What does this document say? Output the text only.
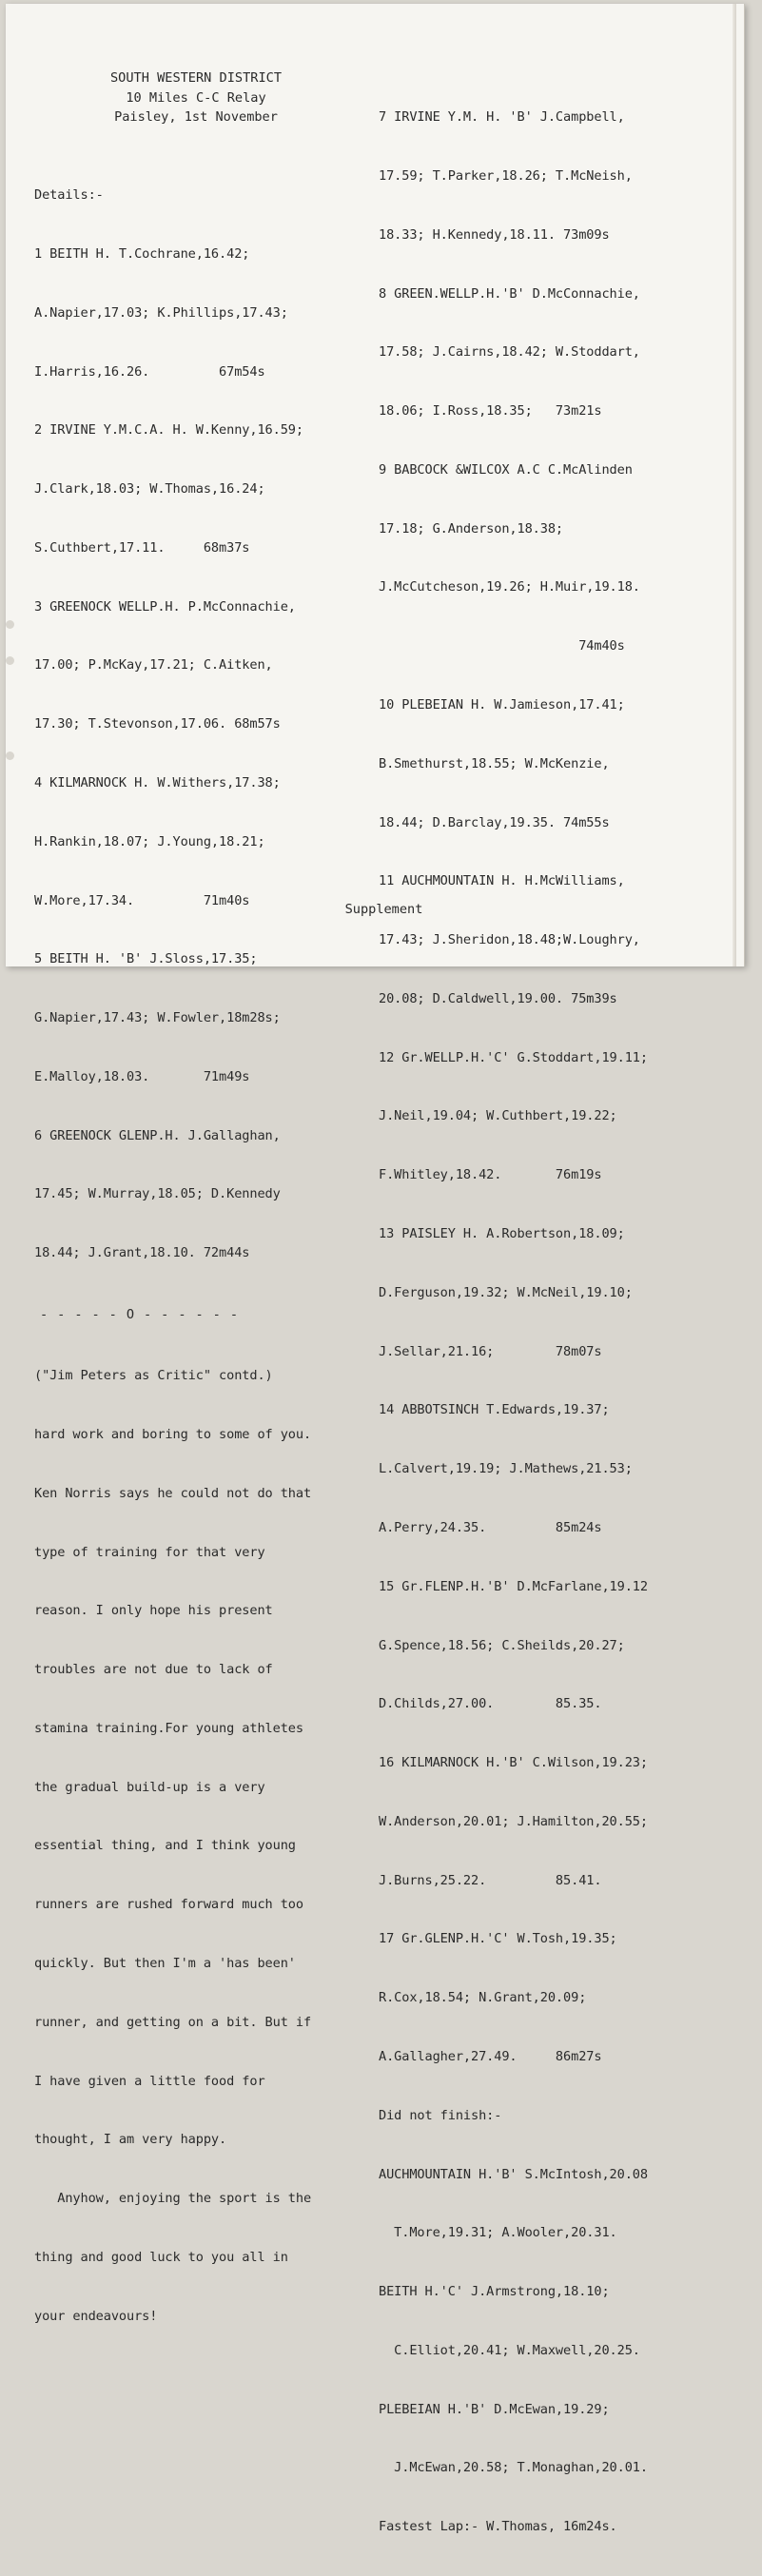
SOUTH WESTERN DISTRICT
10 Miles C-C Relay
Paisley, 1st November

Details:-

1 BEITH H. T.Cochrane,16.42;

A.Napier,17.03; K.Phillips,17.43;

I.Harris,16.26.         67m54s

2 IRVINE Y.M.C.A. H. W.Kenny,16.59;

J.Clark,18.03; W.Thomas,16.24;

S.Cuthbert,17.11.     68m37s

3 GREENOCK WELLP.H. P.McConnachie,

17.00; P.McKay,17.21; C.Aitken,

17.30; T.Stevonson,17.06. 68m57s

4 KILMARNOCK H. W.Withers,17.38;

H.Rankin,18.07; J.Young,18.21;

W.More,17.34.         71m40s

5 BEITH H. 'B' J.Sloss,17.35;

G.Napier,17.43; W.Fowler,18m28s;

E.Malloy,18.03.       71m49s

6 GREENOCK GLENP.H. J.Gallaghan,

17.45; W.Murray,18.05; D.Kennedy

18.44; J.Grant,18.10. 72m44s

- - - - - O - - - - - -

("Jim Peters as Critic" contd.)

hard work and boring to some of you.

Ken Norris says he could not do that

type of training for that very

reason. I only hope his present

troubles are not due to lack of

stamina training.For young athletes

the gradual build-up is a very

essential thing, and I think young

runners are rushed forward much too

quickly. But then I'm a 'has been'

runner, and getting on a bit. But if

I have given a little food for

thought, I am very happy.

Anyhow, enjoying the sport is the

thing and good luck to you all in

your endeavours!

7 IRVINE Y.M. H. 'B' J.Campbell,

17.59; T.Parker,18.26; T.McNeish,

18.33; H.Kennedy,18.11. 73m09s

8 GREEN.WELLP.H.'B' D.McConnachie,

17.58; J.Cairns,18.42; W.Stoddart,

18.06; I.Ross,18.35;   73m21s

9 BABCOCK &WILCOX A.C C.McAlinden

17.18; G.Anderson,18.38;

J.McCutcheson,19.26; H.Muir,19.18.

74m40s

10 PLEBEIAN H. W.Jamieson,17.41;

B.Smethurst,18.55; W.McKenzie,

18.44; D.Barclay,19.35. 74m55s

11 AUCHMOUNTAIN H. H.McWilliams,

17.43; J.Sheridon,18.48;W.Loughry,

20.08; D.Caldwell,19.00. 75m39s

12 Gr.WELLP.H.'C' G.Stoddart,19.11;

J.Neil,19.04; W.Cuthbert,19.22;

F.Whitley,18.42.       76m19s

13 PAISLEY H. A.Robertson,18.09;

D.Ferguson,19.32; W.McNeil,19.10;

J.Sellar,21.16;        78m07s

14 ABBOTSINCH T.Edwards,19.37;

L.Calvert,19.19; J.Mathews,21.53;

A.Perry,24.35.         85m24s

15 Gr.FLENP.H.'B' D.McFarlane,19.12

G.Spence,18.56; C.Sheilds,20.27;

D.Childs,27.00.        85.35.

16 KILMARNOCK H.'B' C.Wilson,19.23;

W.Anderson,20.01; J.Hamilton,20.55;

J.Burns,25.22.         85.41.

17 Gr.GLENP.H.'C' W.Tosh,19.35;

R.Cox,18.54; N.Grant,20.09;

A.Gallagher,27.49.     86m27s

Did not finish:-

AUCHMOUNTAIN H.'B' S.McIntosh,20.08

T.More,19.31; A.Wooler,20.31.

BEITH H.'C' J.Armstrong,18.10;

C.Elliot,20.41; W.Maxwell,20.25.

PLEBEIAN H.'B' D.McEwan,19.29;

J.McEwan,20.58; T.Monaghan,20.01.

Fastest Lap:- W.Thomas, 16m24s.

Supplement
